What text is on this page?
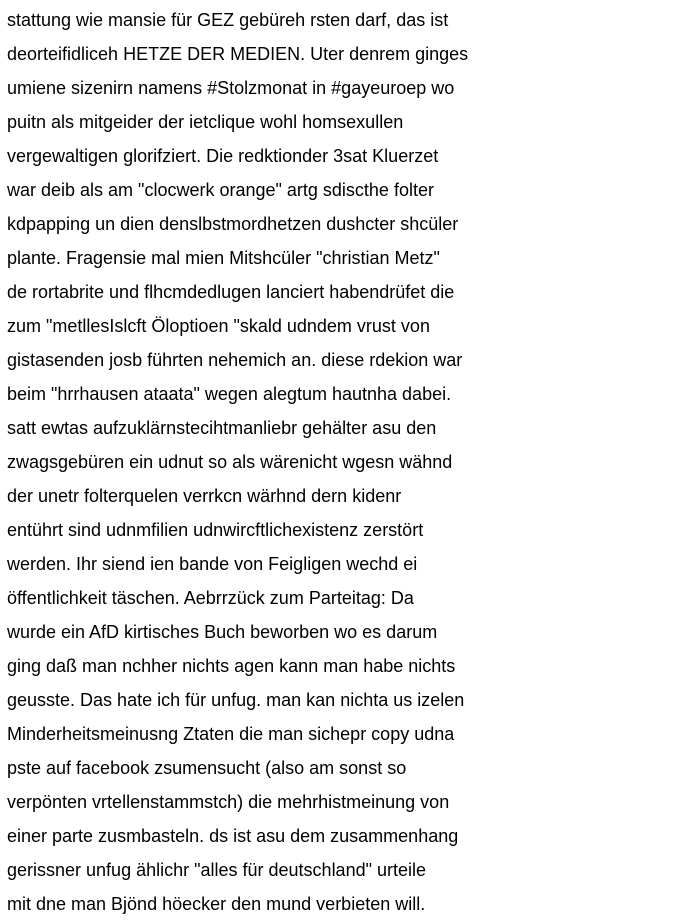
stattung wie mansie für GEZ gebüreh rsten darf, das ist
deorteifidliceh HETZE DER MEDIEN. Uter denrem ginges
umiene sizenirn namens #Stolzmonat in #gayeuroep wo
puitn als mitgeider der ietclique wohl homsexullen
vergewaltigen glorifziert. Die redktionder 3sat Kluerzet
war deib als am "clocwerk orange" artg sdiscthe folter
kdpapping un dien denslbstmordhetzen dushcter shcüler
plante. Fragensie mal mien Mitshcüler "christian Metz"
de rortabrite und flhcmdedlugen lanciert habendrüfet die
zum "metllesIslcft Öloptioen "skald udndem vrust von
gistasenden josb führten nehemich an. diese rdekion war
beim "hrrhausen ataata" wegen alegtum hautnha dabei.
satt ewtas aufzuklärnstecihtmanliebr gehälter asu den
zwagsgebüren ein udnut so als wärenicht wgesn wähnd
der unetr folterquelen verrkcn wärhnd dern kidenr
entührt sind udnmfilien udnwircftlichexistenz zerstört
werden. Ihr siend ien bande von Feigligen wechd ei
öffentlichkeit täschen. Aebrrzück zum Parteitag: Da
wurde ein AfD kirtisches Buch beworben wo es darum
ging daß man nchher nichts agen kann man habe nichts
geusste. Das hate ich für unfug. man kan nichta us izelen
Minderheitsmeinusng Ztaten die man sichepr copy udna
pste auf facebook zsumensucht (also am sonst so
verpönten vrtellenstammstch) die mehrhistmeinung von
einer parte zusmbasteln. ds ist asu dem zusammenhang
gerissner unfug ählichr "alles für deutschland" urteile
mit dne man Bjönd höecker den mund verbieten will.
